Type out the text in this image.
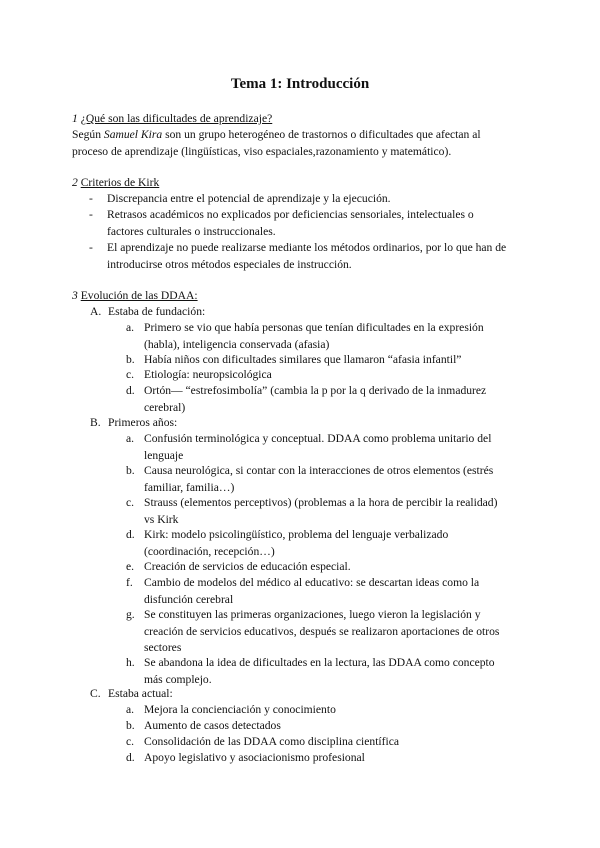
Tema 1: Introducción
1 ¿Qué son las dificultades de aprendizaje?
Según Samuel Kira son un grupo heterogéneo de trastornos o dificultades que afectan al
proceso de aprendizaje (lingüísticas, viso espaciales,razonamiento y matemático).
2 Criterios de Kirk
- Discrepancia entre el potencial de aprendizaje y la ejecución.
- Retrasos académicos no explicados por deficiencias sensoriales, intelectuales o
factores culturales o instruccionales.
- El aprendizaje no puede realizarse mediante los métodos ordinarios, por lo que han de
introducirse otros métodos especiales de instrucción.
3 Evolución de las DDAA:
A. Estaba de fundación:
a. Primero se vio que había personas que tenían dificultades en la expresión
(habla), inteligencia conservada (afasia)
b. Había niños con dificultades similares que llamaron “afasia infantil”
c. Etiología: neuropsicológica
d. Ortón— “estrefosimbolía” (cambia la p por la q derivado de la inmadurez
cerebral)
B. Primeros años:
a. Confusión terminológica y conceptual. DDAA como problema unitario del
lenguaje
b. Causa neurológica, si contar con la interacciones de otros elementos (estrés
familiar, familia…)
c. Strauss (elementos perceptivos) (problemas a la hora de percibir la realidad)
vs Kirk
d. Kirk: modelo psicolingüístico, problema del lenguaje verbalizado
(coordinación, recepción…)
e. Creación de servicios de educación especial.
f. Cambio de modelos del médico al educativo: se descartan ideas como la
disfunción cerebral
g. Se constituyen las primeras organizaciones, luego vieron la legislación y
creación de servicios educativos, después se realizaron aportaciones de otros
sectores
h. Se abandona la idea de dificultades en la lectura, las DDAA como concepto
más complejo.
C. Estaba actual:
a. Mejora la concienciación y conocimiento
b. Aumento de casos detectados
c. Consolidación de las DDAA como disciplina científica
d. Apoyo legislativo y asociacionismo profesional
